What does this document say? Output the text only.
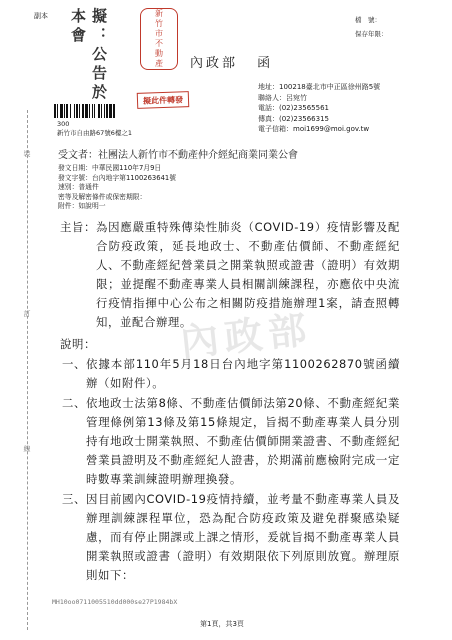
副本	檔　號：
保存年限：
擬：公告於本會	新竹市不動產	內政部 函
擬此件轉發
地址：100218臺北市中正區徐州路5號
聯絡人：呂宛竹
電話：(02)23565561
傳真：(02)23566315
電子信箱：moi1699@moi.gov.tw
300
新竹市自由路67號6樓之1
受文者：社團法人新竹市不動產仲介經紀商業同業公會
發文日期：中華民國110年7月9日
發文字號：台內地字第1100263641號
速別：普通件
密等及解密條件或保密期限：
附件：如說明一
裝
訂
線
內政部
主旨： 為因應嚴重特殊傳染性肺炎（COVID-19）疫情影響及配合防疫政策，延長地政士、不動產估價師、不動產經紀人、不動產經紀營業員之開業執照或證書（證明）有效期限；並提醒不動產專業人員相關訓練課程，亦應依中央流行疫情指揮中心公布之相關防疫措施辦理1案，請查照轉知，並配合辦理。
說明：
一、 依據本部110年5月18日台內地字第1100262870號函續辦（如附件）。
二、 依地政士法第8條、不動產估價師法第20條、不動產經紀業管理條例第13條及第15條規定，旨揭不動產專業人員分別持有地政士開業執照、不動產估價師開業證書、不動產經紀營業員證明及不動產經紀人證書，於期滿前應檢附完成一定時數專業訓練證明辦理換發。
三、 因目前國內COVID-19疫情持續，並考量不動產專業人員及辦理訓練課程單位，恐為配合防疫政策及避免群聚感染疑慮，而有停止開課或上課之情形，爰就旨揭不動產專業人員開業執照或證書（證明）有效期限依下列原則放寬。辦理原則如下：
MH10oo0711005510dd000se27P1984bX
第1頁，共3頁
